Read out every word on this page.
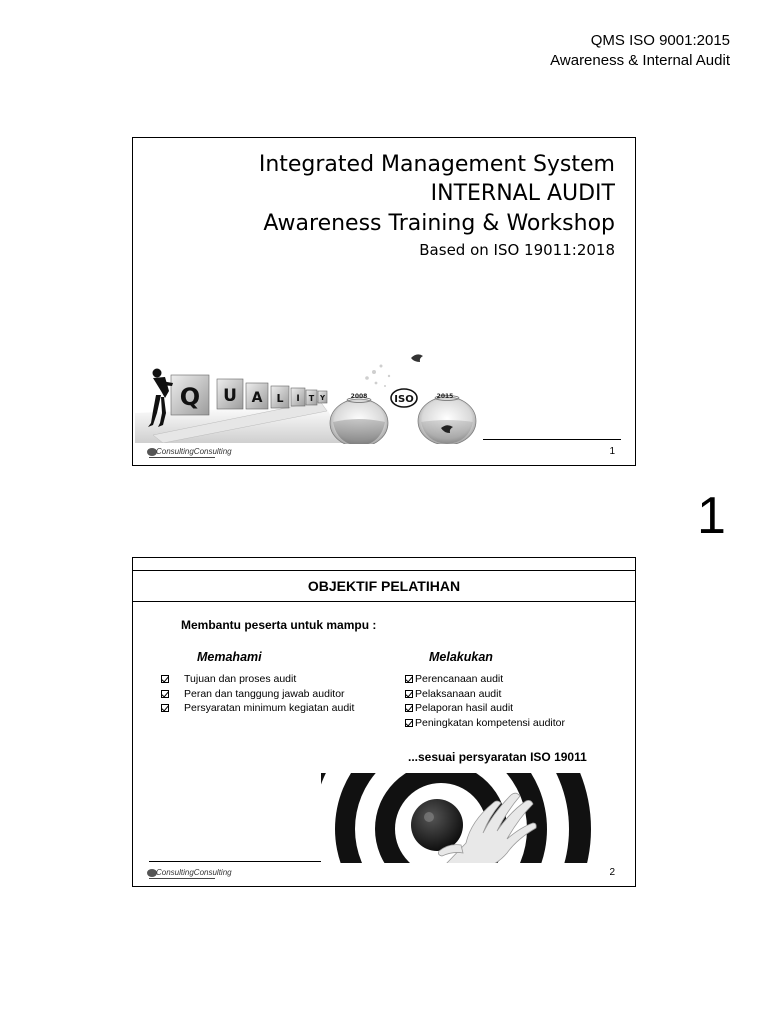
QMS ISO 9001:2015
Awareness & Internal Audit
Integrated Management System
INTERNAL AUDIT
Awareness Training & Workshop
Based on ISO 19011:2018
Q U A L I T Y	ISO
2008	2015
ConsultingConsulting	1
1
OBJEKTIF PELATIHAN
Membantu peserta untuk mampu :
Memahami	Melakukan
Tujuan dan proses audit
Peran dan tanggung jawab auditor
Persyaratan minimum kegiatan audit
Perencanaan audit
Pelaksanaan audit
Pelaporan hasil audit
Peningkatan kompetensi auditor
...sesuai persyaratan ISO 19011
ConsultingConsulting	2
